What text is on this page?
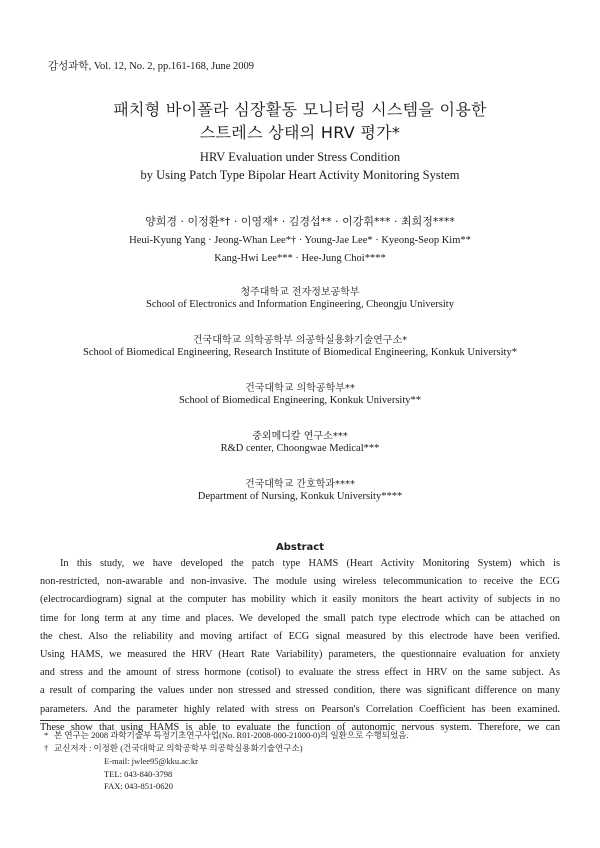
감성과학, Vol. 12, No. 2, pp.161-168, June 2009
패치형 바이폴라 심장활동 모니터링 시스템을 이용한
스트레스 상태의 HRV 평가*
HRV Evaluation under Stress Condition
by Using Patch Type Bipolar Heart Activity Monitoring System
양희경 · 이정환*† · 이영재* · 김경섭** · 이강휘*** · 최희정****
Heui-Kyung Yang · Jeong-Whan Lee*† · Young-Jae Lee* · Kyeong-Seop Kim**
Kang-Hwi Lee*** · Hee-Jung Choi****
청주대학교 전자정보공학부
School of Electronics and Information Engineering, Cheongju University
건국대학교 의학공학부 의공학실용화기술연구소*
School of Biomedical Engineering, Research Institute of Biomedical Engineering, Konkuk University*
건국대학교 의학공학부**
School of Biomedical Engineering, Konkuk University**
중외메디칼 연구소***
R&D center, Choongwae Medical***
건국대학교 간호학과****
Department of Nursing, Konkuk University****
Abstract
In this study, we have developed the patch type HAMS (Heart Activity Monitoring System) which is
non-restricted, non-awarable and non-invasive. The module using wireless telecommunication to receive the ECG
(electrocardiogram) signal at the computer has mobility which it easily monitors the heart activity of subjects in no
time for long term at any time and places. We developed the small patch type electrode which can be attached on
the chest. Also the reliability and moving artifact of ECG signal measured by this electrode have been verified.
Using HAMS, we measured the HRV (Heart Rate Variability) parameters, the questionnaire evaluation for anxiety
and stress and the amount of stress hormone (cotisol) to evaluate the stress effect in HRV on the same subject. As
a result of comparing the values under non stressed and stressed condition, there was significant difference on many
parameters. And the parameter highly related with stress on Pearson's Correlation Coefficient has been examined.
These show that using HAMS is able to evaluate the function of autonomic nervous system. Therefore, we can
* 본 연구는 2008 과학기술부 특정기초연구사업(No. R01-2008-000-21000-0)의 일환으로 수행되었음.
† 교신저자 : 이정환 (건국대학교 의학공학부 의공학실용화기술연구소)
E-mail: jwlee95@kku.ac.kr
TEL: 043-840-3798
FAX: 043-851-0620
